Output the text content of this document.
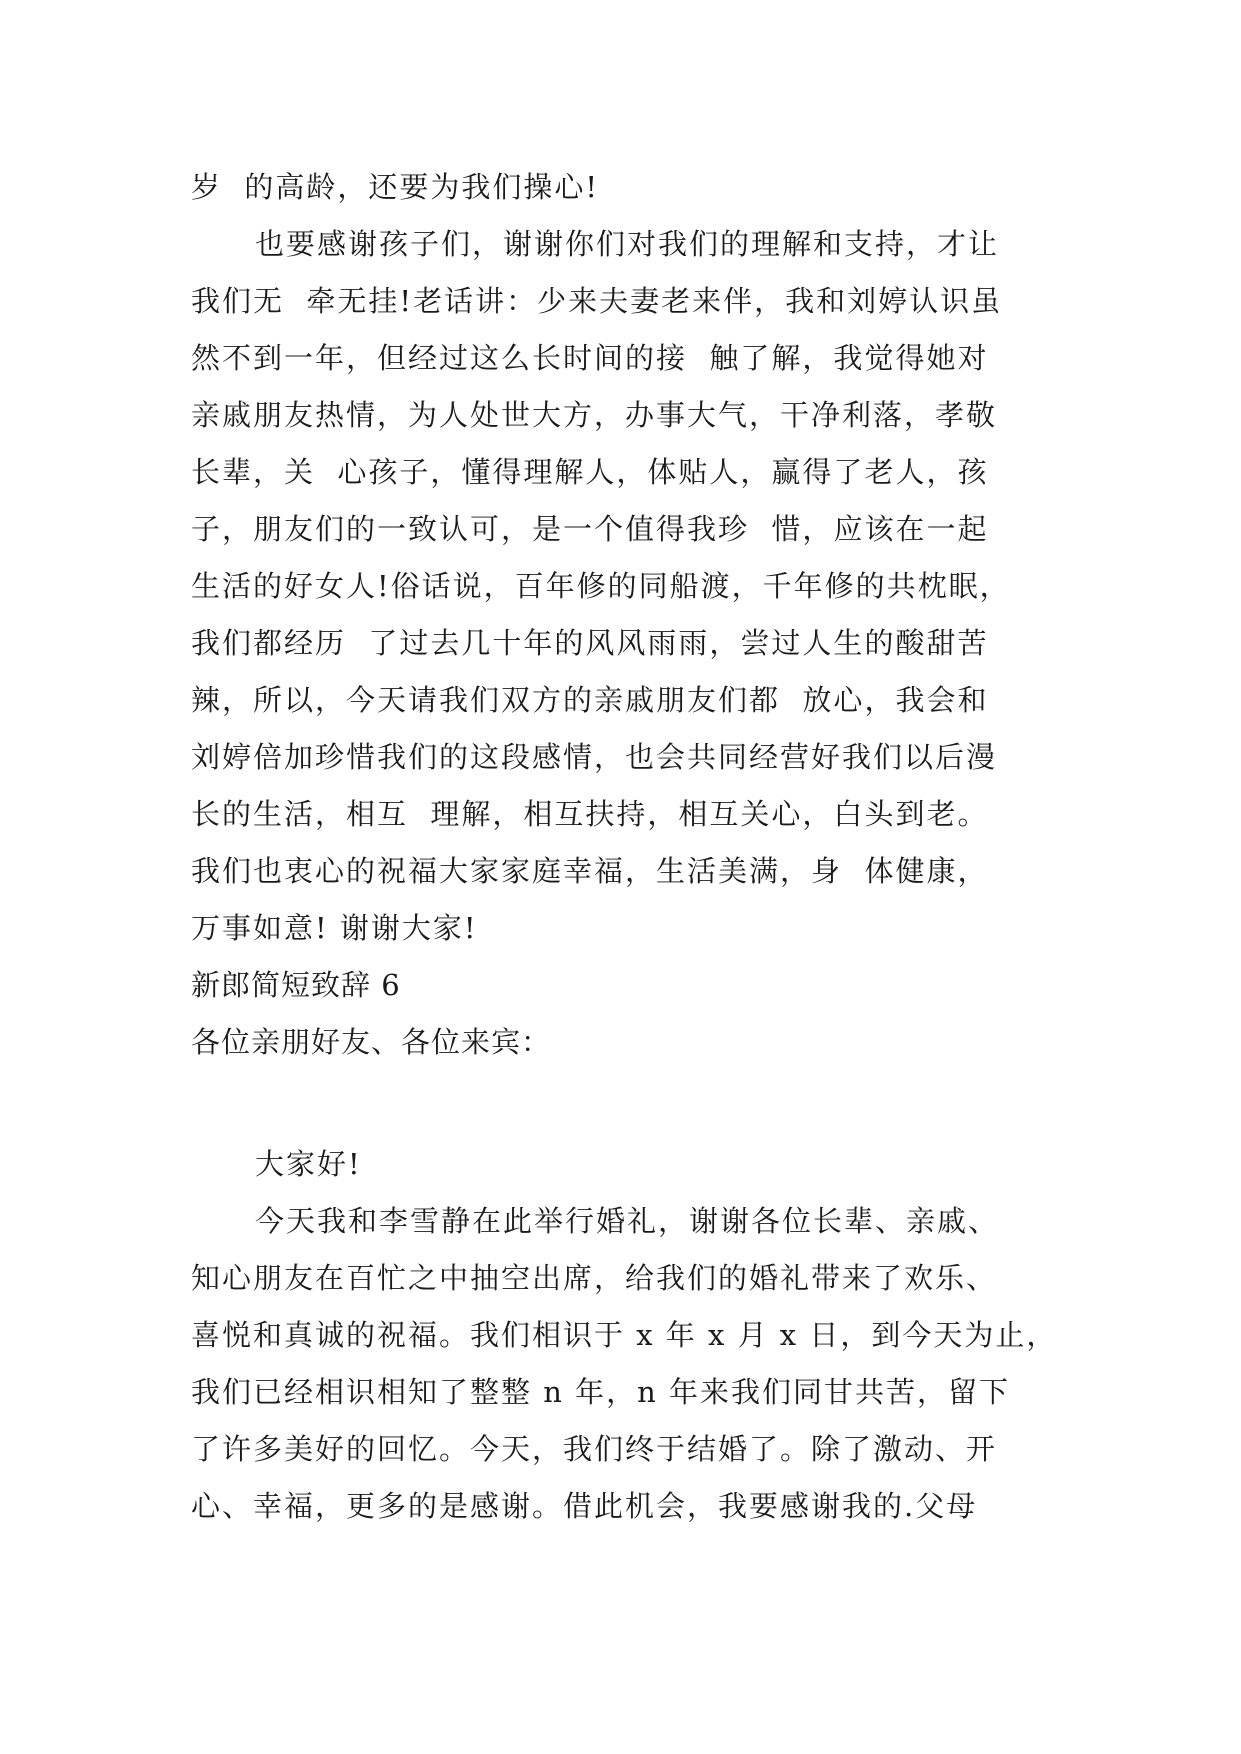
岁  的高龄，还要为我们操心!
也要感谢孩子们，谢谢你们对我们的理解和支持，才让
我们无  牵无挂!老话讲：少来夫妻老来伴，我和刘婷认识虽
然不到一年，但经过这么长时间的接  触了解，我觉得她对
亲戚朋友热情，为人处世大方，办事大气，干净利落，孝敬
长辈，关  心孩子，懂得理解人，体贴人，赢得了老人，孩
子，朋友们的一致认可，是一个值得我珍  惜，应该在一起
生活的好女人!俗话说，百年修的同船渡，千年修的共枕眠，
我们都经历  了过去几十年的风风雨雨，尝过人生的酸甜苦
辣，所以，今天请我们双方的亲戚朋友们都  放心，我会和
刘婷倍加珍惜我们的这段感情，也会共同经营好我们以后漫
长的生活，相互  理解，相互扶持，相互关心，白头到老。
我们也衷心的祝福大家家庭幸福，生活美满，身  体健康，
万事如意! 谢谢大家!
新郎简短致辞 6
各位亲朋好友、各位来宾：
大家好!
今天我和李雪静在此举行婚礼，谢谢各位长辈、亲戚、
知心朋友在百忙之中抽空出席，给我们的婚礼带来了欢乐、
喜悦和真诚的祝福。我们相识于 x 年 x 月 x 日，到今天为止，
我们已经相识相知了整整 n 年，n 年来我们同甘共苦，留下
了许多美好的回忆。今天，我们终于结婚了。除了激动、开
心、幸福，更多的是感谢。借此机会，我要感谢我的.父母
